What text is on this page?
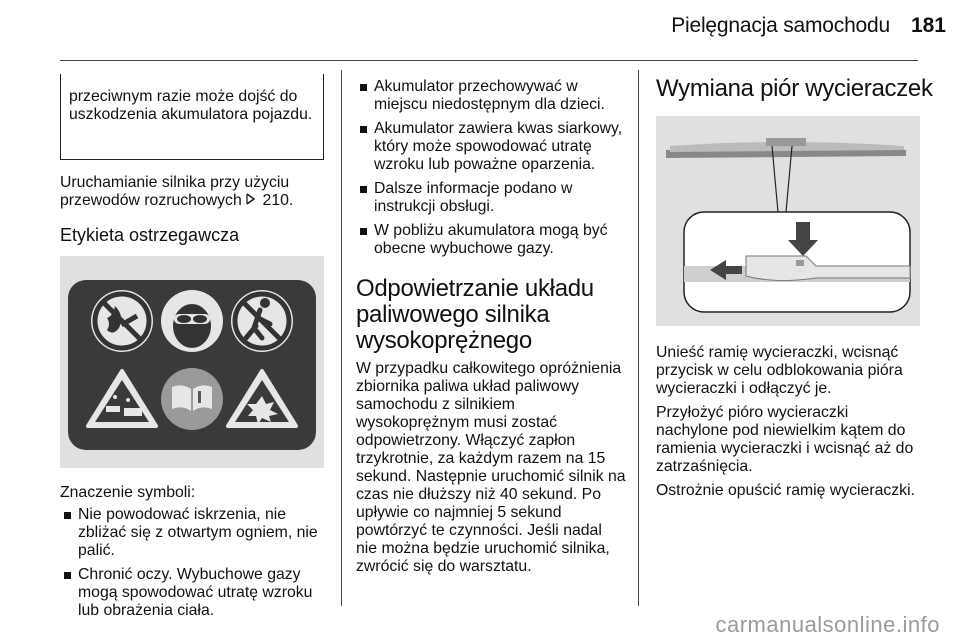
Pielęgnacja samochodu 181

przeciwnym razie może dojść do uszkodzenia akumulatora pojazdu.

Uruchamianie silnika przy użyciu przewodów rozruchowych 210.

Etykieta ostrzegawcza

Znaczenie symboli:

Nie powodować iskrzenia, nie zbliżać się z otwartym ogniem, nie palić.
Chronić oczy. Wybuchowe gazy mogą spowodować utratę wzroku lub obrażenia ciała.
Akumulator przechowywać w miejscu niedostępnym dla dzieci.
Akumulator zawiera kwas siarkowy, który może spowodować utratę wzroku lub poważne oparzenia.
Dalsze informacje podano w instrukcji obsługi.
W pobliżu akumulatora mogą być obecne wybuchowe gazy.

Odpowietrzanie układu paliwowego silnika wysokoprężnego

W przypadku całkowitego opróżnienia zbiornika paliwa układ paliwowy samochodu z silnikiem wysokoprężnym musi zostać odpowietrzony. Włączyć zapłon trzykrotnie, za każdym razem na 15 sekund. Następnie uruchomić silnik na czas nie dłuższy niż 40 sekund. Po upływie co najmniej 5 sekund powtórzyć te czynności. Jeśli nadal nie można będzie uruchomić silnika, zwrócić się do warsztatu.

Wymiana piór wycieraczek

Unieść ramię wycieraczki, wcisnąć przycisk w celu odblokowania pióra wycieraczki i odłączyć je.

Przyłożyć pióro wycieraczki nachylone pod niewielkim kątem do ramienia wycieraczki i wcisnąć aż do zatrzaśnięcia.

Ostrożnie opuścić ramię wycieraczki.

carmanualsonline.info
